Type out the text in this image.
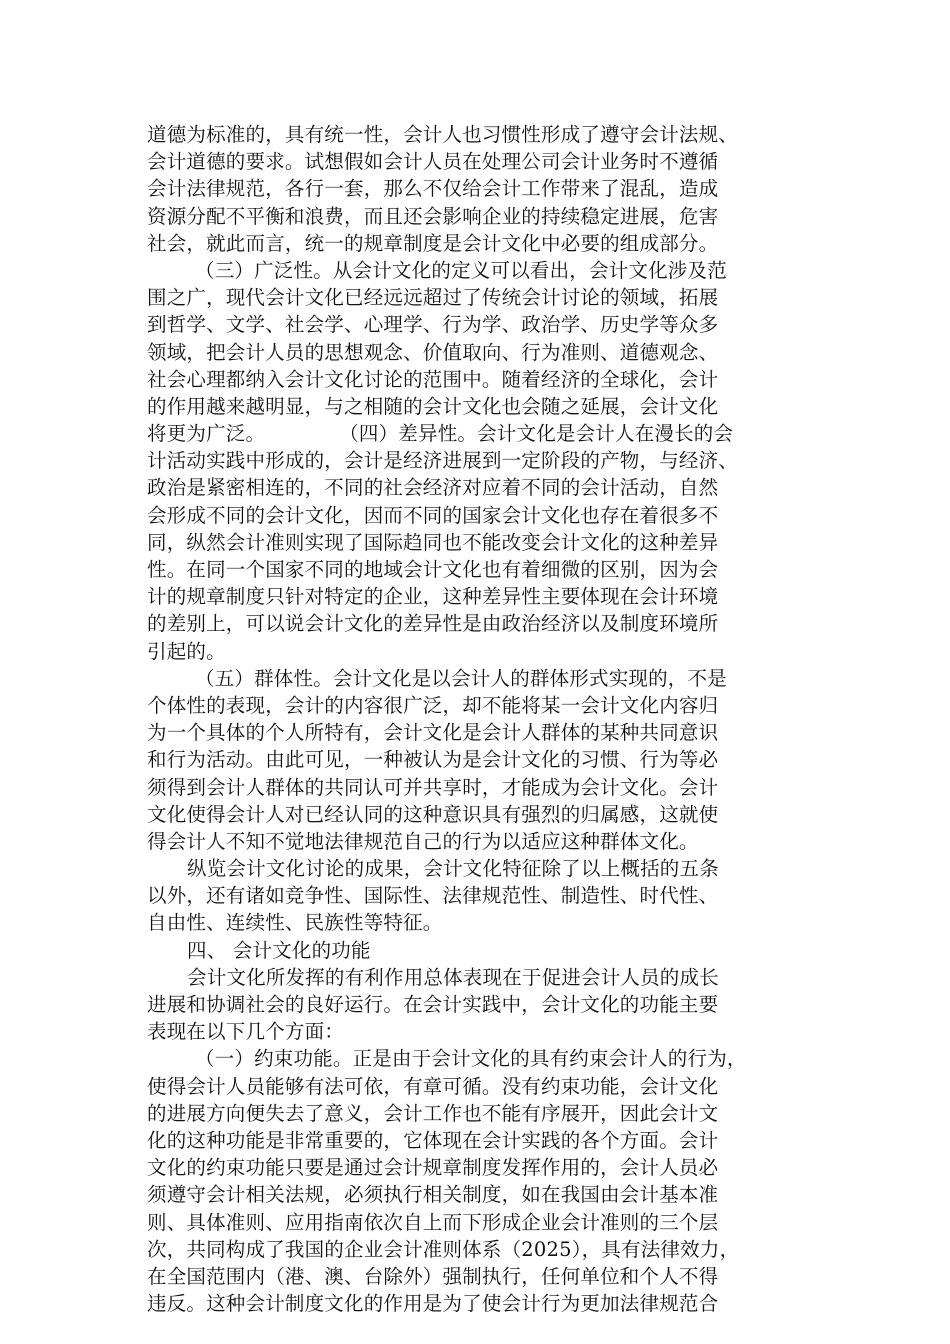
道德为标准的，具有统一性，会计人也习惯性形成了遵守会计法规、
会计道德的要求。试想假如会计人员在处理公司会计业务时不遵循
会计法律规范，各行一套，那么不仅给会计工作带来了混乱，造成
资源分配不平衡和浪费，而且还会影响企业的持续稳定进展，危害
社会，就此而言，统一的规章制度是会计文化中必要的组成部分。
（三）广泛性。从会计文化的定义可以看出，会计文化涉及范
围之广，现代会计文化已经远远超过了传统会计讨论的领域，拓展
到哲学、文学、社会学、心理学、行为学、政治学、历史学等众多
领域，把会计人员的思想观念、价值取向、行为准则、道德观念、
社会心理都纳入会计文化讨论的范围中。随着经济的全球化，会计
的作用越来越明显，与之相随的会计文化也会随之延展，会计文化
将更为广泛。	（四）差异性。会计文化是会计人在漫长的会
计活动实践中形成的，会计是经济进展到一定阶段的产物，与经济、
政治是紧密相连的，不同的社会经济对应着不同的会计活动，自然
会形成不同的会计文化，因而不同的国家会计文化也存在着很多不
同，纵然会计准则实现了国际趋同也不能改变会计文化的这种差异
性。在同一个国家不同的地域会计文化也有着细微的区别，因为会
计的规章制度只针对特定的企业，这种差异性主要体现在会计环境
的差别上，可以说会计文化的差异性是由政治经济以及制度环境所
引起的。
（五）群体性。会计文化是以会计人的群体形式实现的，不是
个体性的表现，会计的内容很广泛，却不能将某一会计文化内容归
为一个具体的个人所特有，会计文化是会计人群体的某种共同意识
和行为活动。由此可见，一种被认为是会计文化的习惯、行为等必
须得到会计人群体的共同认可并共享时，才能成为会计文化。会计
文化使得会计人对已经认同的这种意识具有强烈的归属感，这就使
得会计人不知不觉地法律规范自己的行为以适应这种群体文化。
纵览会计文化讨论的成果，会计文化特征除了以上概括的五条
以外，还有诸如竞争性、国际性、法律规范性、制造性、时代性、
自由性、连续性、民族性等特征。
四、 会计文化的功能
会计文化所发挥的有利作用总体表现在于促进会计人员的成长
进展和协调社会的良好运行。在会计实践中，会计文化的功能主要
表现在以下几个方面：
（一）约束功能。正是由于会计文化的具有约束会计人的行为，
使得会计人员能够有法可依，有章可循。没有约束功能，会计文化
的进展方向便失去了意义，会计工作也不能有序展开，因此会计文
化的这种功能是非常重要的，它体现在会计实践的各个方面。会计
文化的约束功能只要是通过会计规章制度发挥作用的，会计人员必
须遵守会计相关法规，必须执行相关制度，如在我国由会计基本准
则、具体准则、应用指南依次自上而下形成企业会计准则的三个层
次，共同构成了我国的企业会计准则体系（2025），具有法律效力，
在全国范围内（港、澳、台除外）强制执行，任何单位和个人不得
违反。这种会计制度文化的作用是为了使会计行为更加法律规范合
